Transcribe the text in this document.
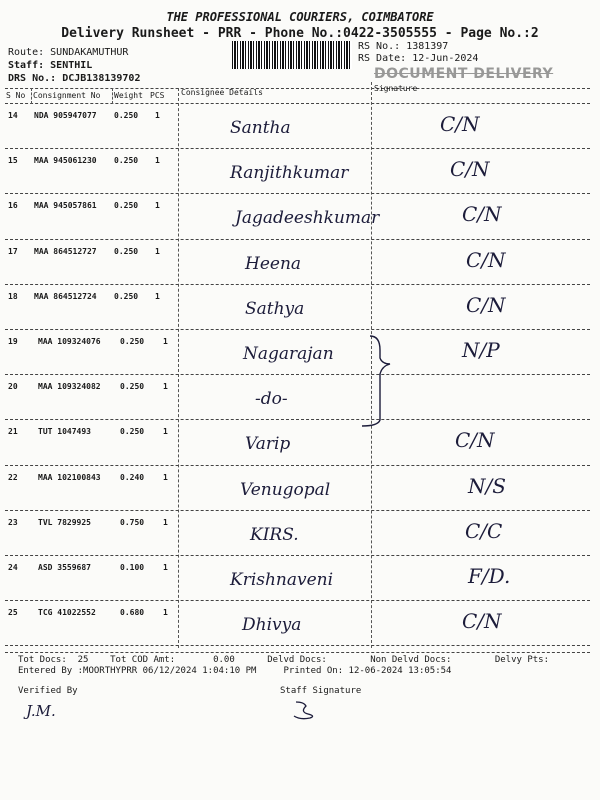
THE PROFESSIONAL COURIERS, COIMBATORE
Delivery Runsheet - PRR - Phone No.:0422-3505555 - Page No.:2
Route: SUNDAKAMUTHUR
Staff: SENTHIL
DRS No.: DCJB138139702
RS No.: 1381397
RS Date: 12-Jun-2024
DOCUMENT DELIVERY
S No Consignment No Weight PCS Consignee Details	Signature
14 NDA 905947077 0.250 1
Santha	C/N
15 MAA 945061230 0.250 1
Ranjithkumar	C/N
16 MAA 945057861 0.250 1
Jagadeeshkumar	C/N
17 MAA 864512727 0.250 1
Heena	C/N
18 MAA 864512724 0.250 1
Sathya	C/N
19	MAA 109324076 0.250 1
Nagarajan	N/P
20	MAA 109324082 0.250 1
-do-
21	TUT 1047493	0.250 1
Varip	C/N
22	MAA 102100843 0.240 1
Venugopal	N/S
23	TVL 7829925	0.750 1
KIRS.	C/C
24	ASD 3559687	0.100 1
Krishnaveni	F/D.
25	TCG 41022552	0.680 1
Dhivya	C/N
Tot Docs:  25    Tot COD Amt:       0.00      Delvd Docs:        Non Delvd Docs:        Delvy Pts:
Entered By :MOORTHYPRR 06/12/2024 1:04:10 PM     Printed On: 12-06-2024 13:05:54
Verified By	Staff Signature
J.M.
